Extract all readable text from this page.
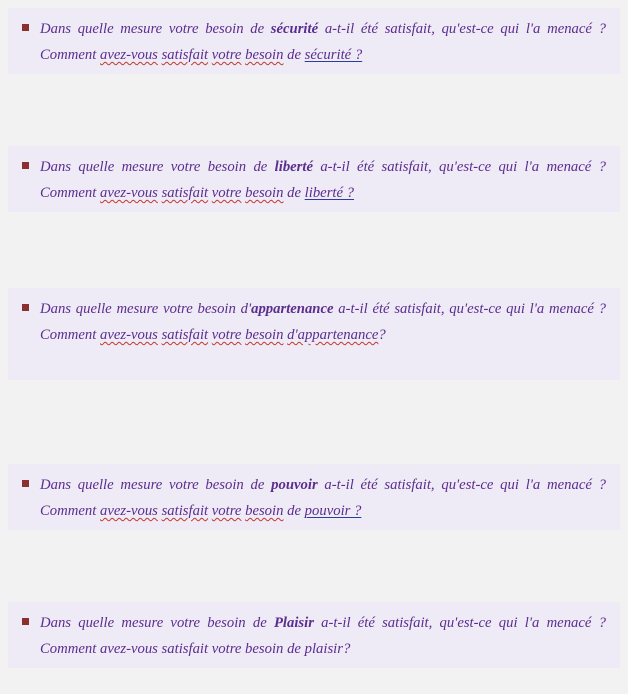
Dans quelle mesure votre besoin de sécurité a-t-il été satisfait, qu'est-ce qui l'a menacé ? Comment avez-vous satisfait votre besoin de sécurité ?
Dans quelle mesure votre besoin de liberté a-t-il été satisfait, qu'est-ce qui l'a menacé ? Comment avez-vous satisfait votre besoin de liberté ?
Dans quelle mesure votre besoin d'appartenance a-t-il été satisfait, qu'est-ce qui l'a menacé ? Comment avez-vous satisfait votre besoin d'appartenance?
Dans quelle mesure votre besoin de pouvoir a-t-il été satisfait, qu'est-ce qui l'a menacé ? Comment avez-vous satisfait votre besoin de pouvoir ?
Dans quelle mesure votre besoin de Plaisir a-t-il été satisfait, qu'est-ce qui l'a menacé ? Comment avez-vous satisfait votre besoin de plaisir?
